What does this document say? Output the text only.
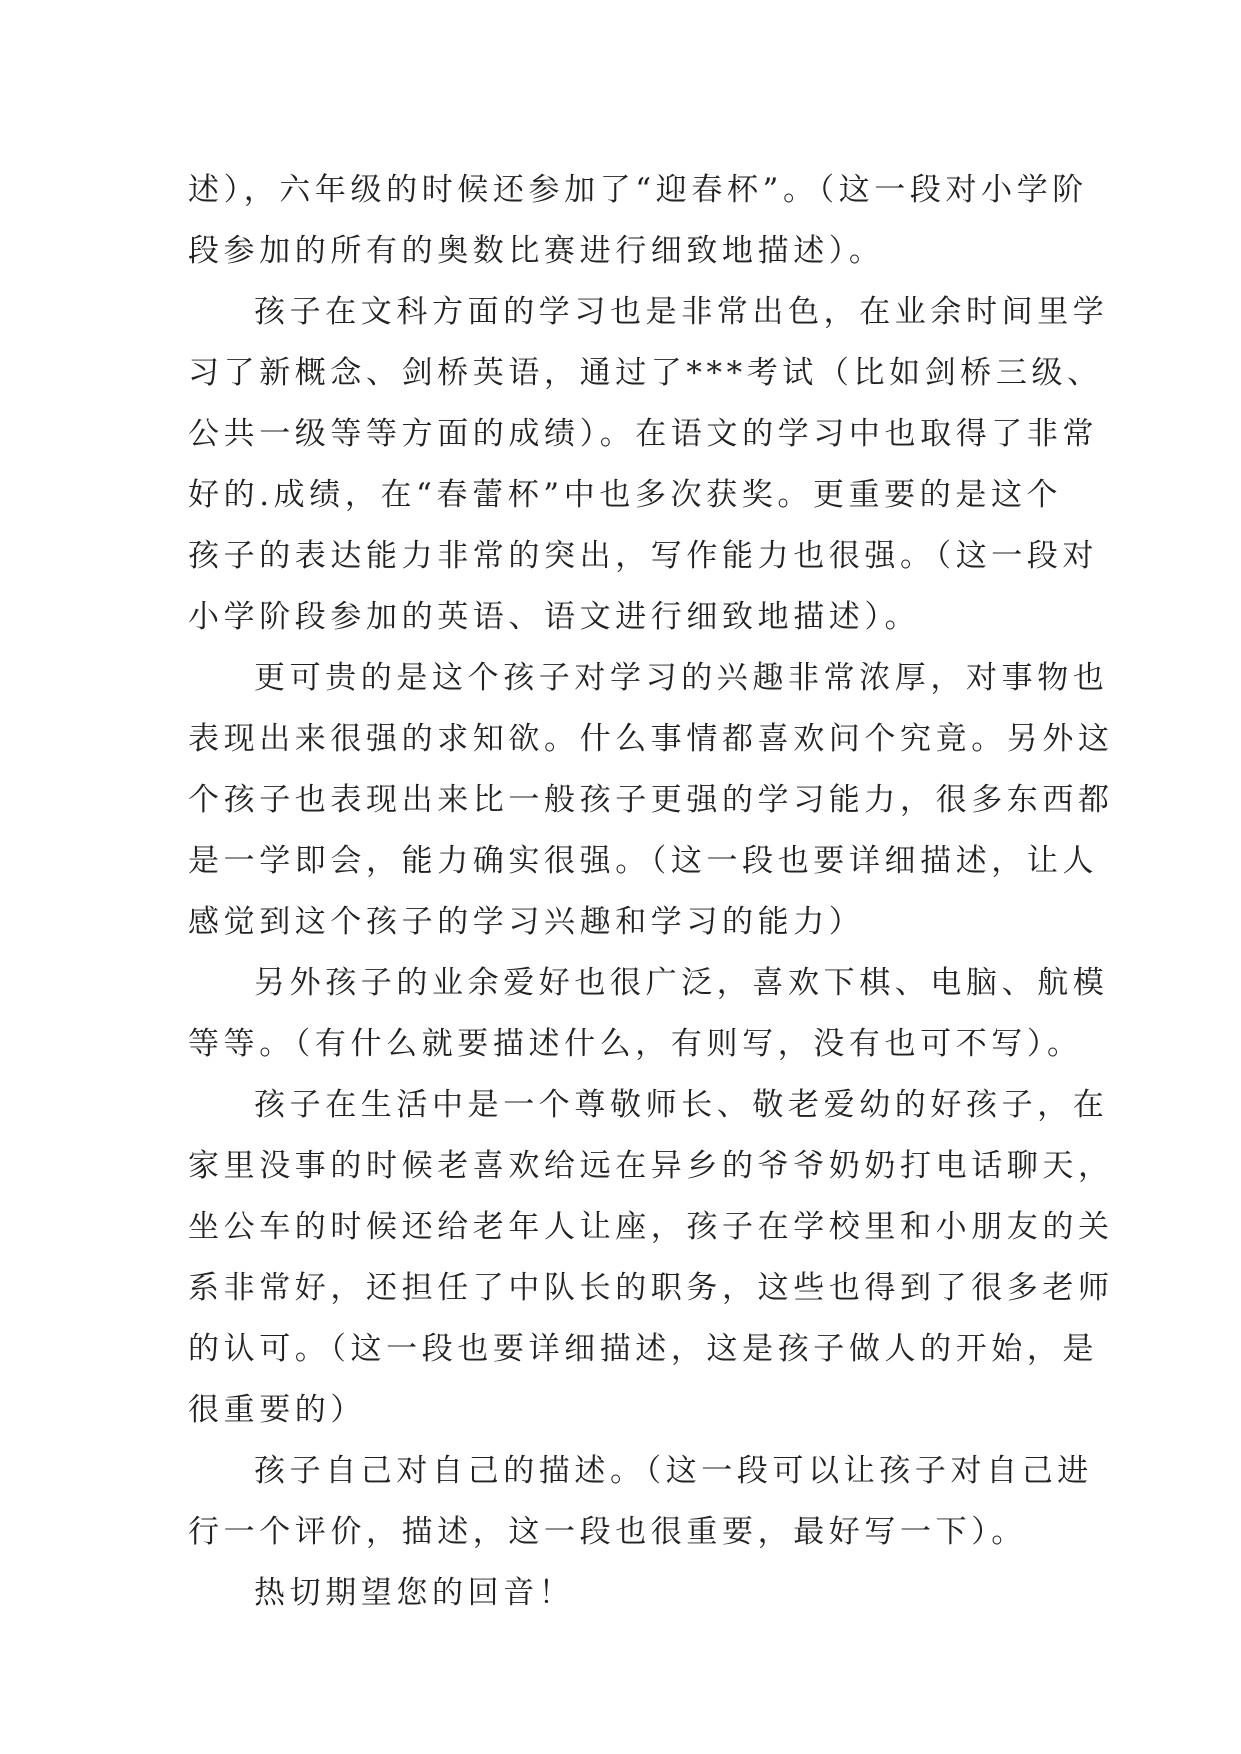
述），六年级的时候还参加了“迎春杯”。（这一段对小学阶
段参加的所有的奥数比赛进行细致地描述）。
孩子在文科方面的学习也是非常出色，在业余时间里学
习了新概念、剑桥英语，通过了***考试（比如剑桥三级、
公共一级等等方面的成绩）。在语文的学习中也取得了非常
好的.成绩，在“春蕾杯”中也多次获奖。更重要的是这个
孩子的表达能力非常的突出，写作能力也很强。（这一段对
小学阶段参加的英语、语文进行细致地描述）。
更可贵的是这个孩子对学习的兴趣非常浓厚，对事物也
表现出来很强的求知欲。什么事情都喜欢问个究竟。另外这
个孩子也表现出来比一般孩子更强的学习能力，很多东西都
是一学即会，能力确实很强。（这一段也要详细描述，让人
感觉到这个孩子的学习兴趣和学习的能力）
另外孩子的业余爱好也很广泛，喜欢下棋、电脑、航模
等等。（有什么就要描述什么，有则写，没有也可不写）。
孩子在生活中是一个尊敬师长、敬老爱幼的好孩子，在
家里没事的时候老喜欢给远在异乡的爷爷奶奶打电话聊天，
坐公车的时候还给老年人让座，孩子在学校里和小朋友的关
系非常好，还担任了中队长的职务，这些也得到了很多老师
的认可。（这一段也要详细描述，这是孩子做人的开始，是
很重要的）
孩子自己对自己的描述。（这一段可以让孩子对自己进
行一个评价，描述，这一段也很重要，最好写一下）。
热切期望您的回音！
